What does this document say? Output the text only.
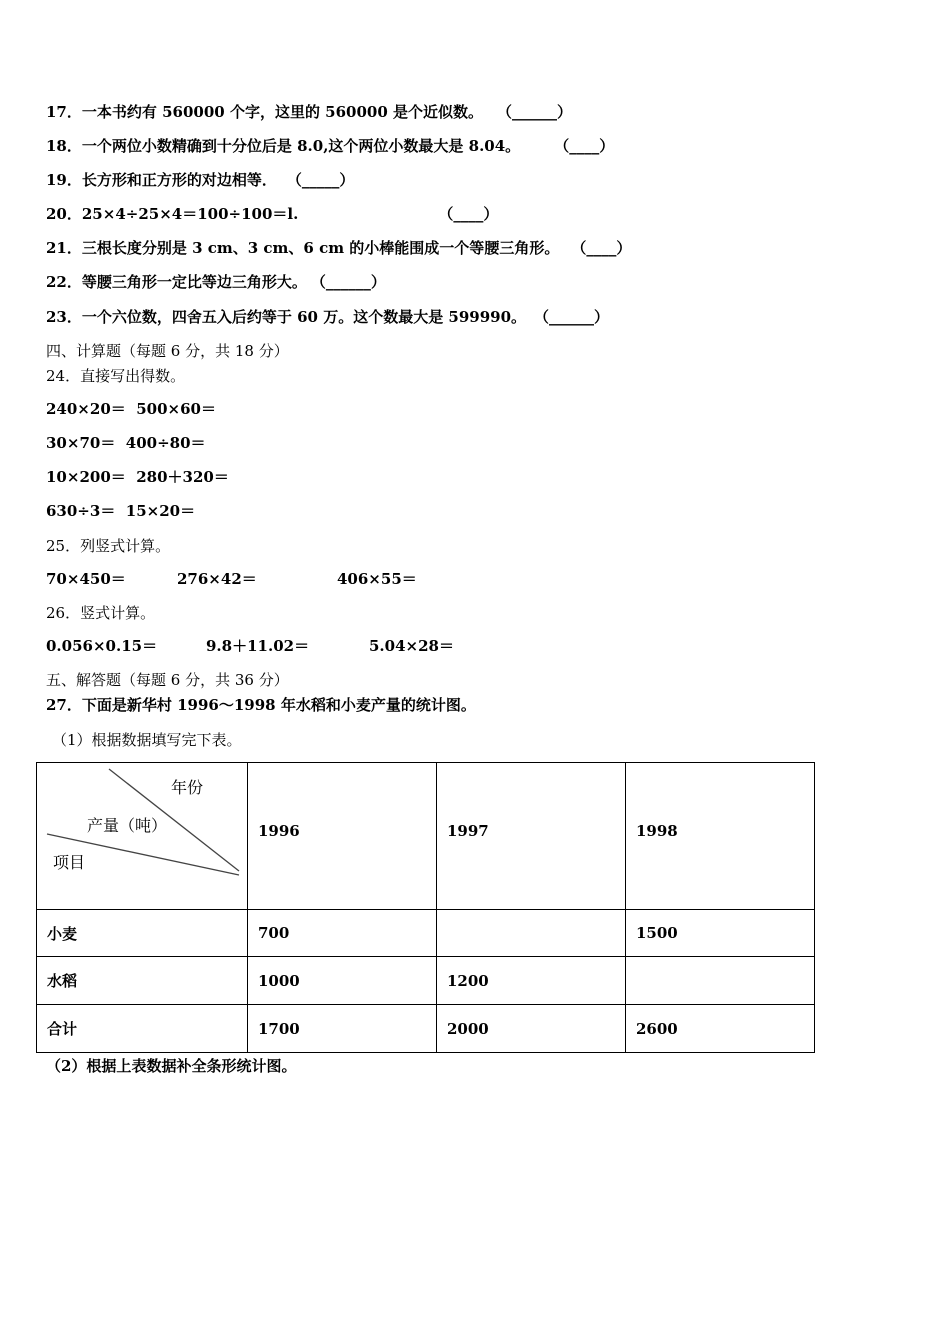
17．一本书约有 560000 个字，这里的 560000 是个近似数。 （______）
18．一个两位小数精确到十分位后是 8.0,这个两位小数最大是 8.04。 （____）
19．长方形和正方形的对边相等． （_____）
20．25×4÷25×4＝100÷100＝l.	（____）
21．三根长度分别是 3 cm、3 cm、6 cm 的小棒能围成一个等腰三角形。 （____）
22．等腰三角形一定比等边三角形大。 （______）
23．一个六位数，四舍五入后约等于 60 万。这个数最大是 599990。 （______）
四、计算题（每题 6 分，共 18 分）
24．直接写出得数。
240×20＝ 500×60＝
30×70＝ 400÷80＝
10×200＝ 280＋320＝
630÷3＝ 15×20＝
25．列竖式计算。
70×450＝	276×42＝	406×55＝
26．竖式计算。
0.056×0.15＝	9.8＋11.02＝	5.04×28＝
五、解答题（每题 6 分，共 36 分）
27．下面是新华村 1996～1998 年水稻和小麦产量的统计图。
（1）根据数据填写完下表。
年份
产量（吨）
项目	1996	1997	1998
小麦	700		1500
水稻	1000	1200	
合计	1700	2000	2600
（2）根据上表数据补全条形统计图。
